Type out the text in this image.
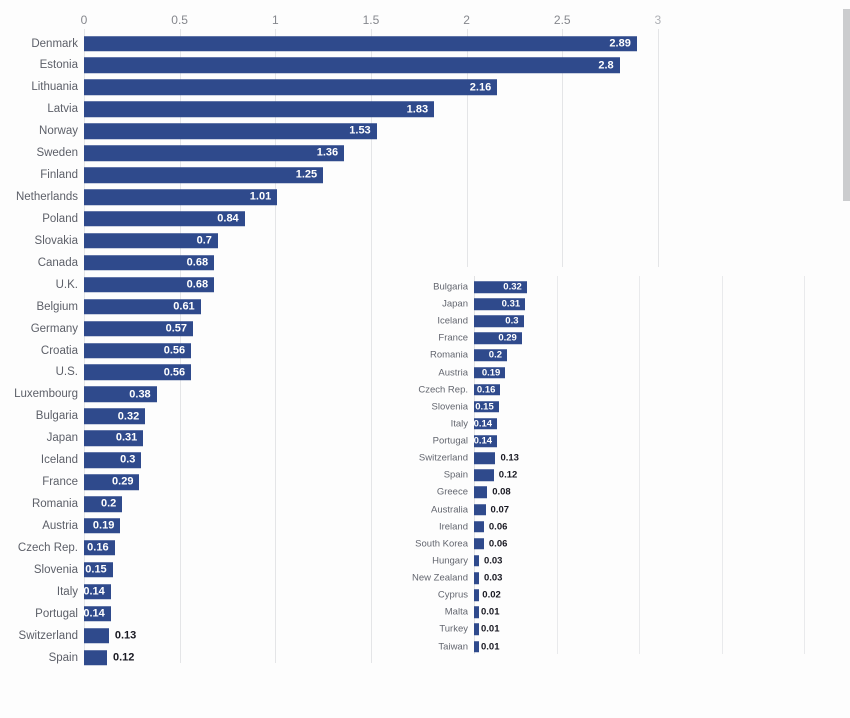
0	0.5	1	1.5	2	2.5	3
Denmark	2.89
Estonia	2.8
Lithuania	2.16
Latvia	1.83
Norway	1.53
Sweden	1.36
Finland	1.25
Netherlands	1.01
Poland	0.84
Slovakia	0.7
Canada	0.68
U.K.	0.68
Belgium	0.61
Germany	0.57
Croatia	0.56
U.S.	0.56
Luxembourg	0.38
Bulgaria	0.32
Japan	0.31
Iceland	0.3
France	0.29
Romania 0.2
Austria 0.19
Czech Rep. 0.16
Slovenia 0.15
Italy 0.14
Portugal 0.14
Switzerland	0.13
Spain	0.12
Bulgaria	0.32
Japan	0.31
Iceland	0.3
France	0.29
Romania 0.2
Austria 0.19
Czech Rep. 0.16
Slovenia 0.15
Italy 0.14
Portugal 0.14
Switzerland	0.13
Spain	0.12
Greece	0.08
Australia 0.07
Ireland 0.06
South Korea 0.06
Hungary 0.03
New Zealand 0.03
Cyprus 0.02
Malta 0.01
Turkey 0.01
Taiwan 0.01
